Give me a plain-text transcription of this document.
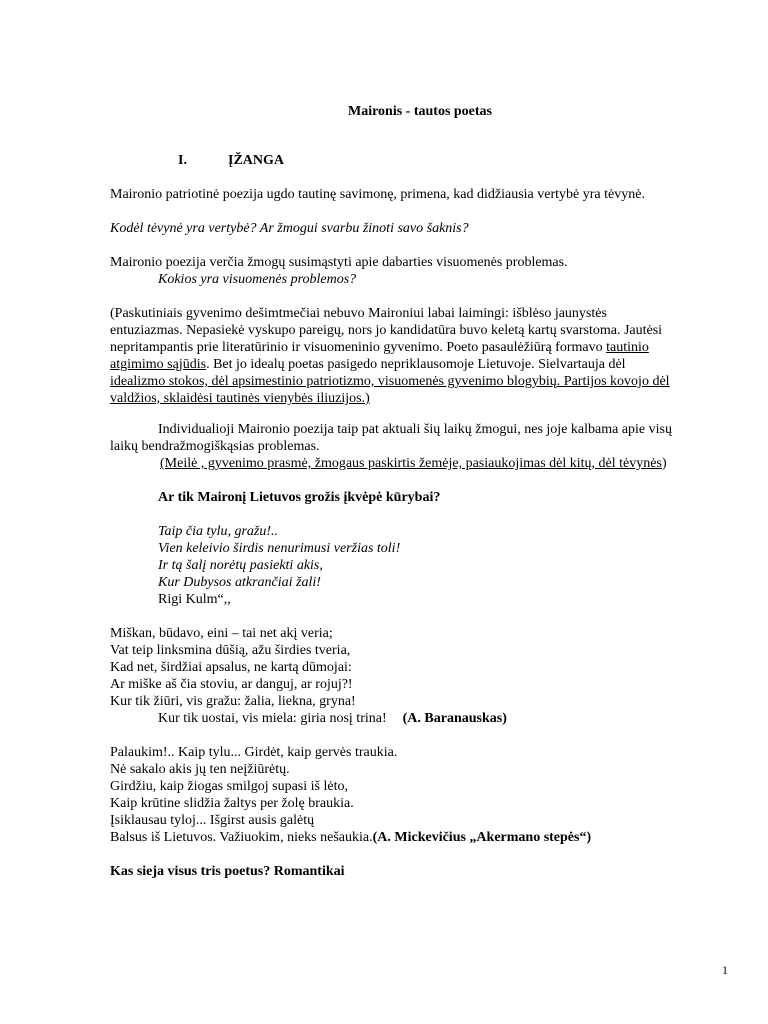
Maironis - tautos poetas
I.	ĮŽANGA
Maironio patriotinė poezija ugdo tautinę savimonę, primena, kad didžiausia vertybė yra tėvynė.
Kodėl tėvynė yra vertybė? Ar žmogui svarbu žinoti savo šaknis?
Maironio poezija verčia žmogų susimąstyti apie dabarties visuomenės problemas.
Kokios yra visuomenės problemos?
(Paskutiniais gyvenimo dešimtmečiai nebuvo Maironiui labai laimingi: išblėso jaunystės
entuziazmas. Nepasiekė vyskupo pareigų, nors jo kandidatūra buvo keletą kartų svarstoma. Jautėsi
nepritampantis prie literatūrinio ir visuomeninio gyvenimo. Poeto pasaulėžiūrą formavo tautinio
atgimimo sąjūdis. Bet jo idealų poetas pasigedo nepriklausomoje Lietuvoje. Sielvartauja dėl
idealizmo stokos, dėl apsimestinio patriotizmo, visuomenės gyvenimo blogybių. Partijos kovojo dėl
valdžios, sklaidėsi tautinės vienybės iliuzijos.)
Individualioji Maironio poezija taip pat aktuali šių laikų žmogui, nes joje kalbama apie visų
laikų bendražmogiškąsias problemas.
(Meilė , gyvenimo prasmė, žmogaus paskirtis žemėje, pasiaukojimas dėl kitų, dėl tėvynės)
Ar tik Maironį Lietuvos grožis įkvėpė kūrybai?
Taip čia tylu, gražu!..
Vien keleivio širdis nenurimusi veržias toli!
Ir tą šalį norėtų pasiekti akis,
Kur Dubysos atkrančiai žali!
Rigi Kulm“,,
Miškan, būdavo, eini – tai net akį veria;
Vat teip linksmina dūšią, ažu širdies tveria,
Kad net, širdžiai apsalus, ne kartą dūmojai:
Ar miške aš čia stoviu, ar danguj, ar rojuj?!
Kur tik žiūri, vis gražu: žalia, liekna, gryna!
Kur tik uostai, vis miela: giria nosį trina! (A. Baranauskas)
Palaukim!.. Kaip tylu... Girdėt, kaip gervės traukia.
Nė sakalo akis jų ten neįžiūrėtų.
Girdžiu, kaip žiogas smilgoj supasi iš lėto,
Kaip krūtine slidžia žaltys per žolę braukia.
Įsiklausau tyloj... Išgirst ausis galėtų
Balsus iš Lietuvos. Važiuokim, nieks nešaukia.(A. Mickevičius „Akermano stepės“)
Kas sieja visus tris poetus? Romantikai
1
